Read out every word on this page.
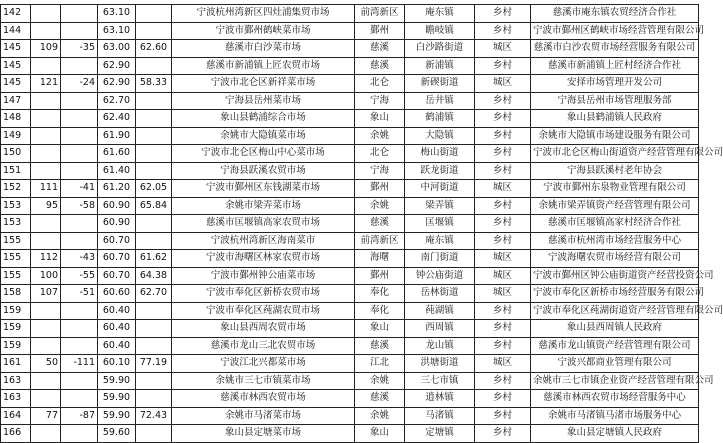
142			63.10		宁波杭州湾新区四灶浦集贸市场	前湾新区	庵东镇	乡村	慈溪市庵东镇农贸经济合作社
144			63.10		宁波市鄞州鹤峡菜市场	鄞州	瞻岐镇	乡村	宁波市鄞州区鹤峡市场经营管理有限公司
145	109	-35	63.00	62.60	慈溪市白沙菜市场	慈溪	白沙路街道	城区	慈溪市白沙农贸市场经营服务有限公司
145			62.90		慈溪市新浦镇上匠农贸市场	慈溪	新浦镇	乡村	慈溪市新浦镇上匠村经济合作社
145	121	-24	62.90	58.33	宁波市北仑区新祥菜市场	北仑	新碶街道	城区	安择市场管理开发公司
147			62.70		宁海县岳州菜市场	宁海	岳井镇	乡村	宁海县岳州市场管理服务部
148			62.40		象山县鹤浦综合市场	象山	鹤浦镇	乡村	象山县鹤浦镇人民政府
149			61.90		余姚市大隐镇菜市场	余姚	大隐镇	乡村	余姚市大隐镇市场建设服务有限公司
150			61.60		宁波市北仑区梅山中心菜市场	北仑	梅山街道	乡村	宁波市北仑区梅山街道资产经营管理有限公司
151			61.40		宁海县跃溪农贸市场	宁海	跃龙街道	乡村	宁海县跃溪村老年协会
152	111	-41	61.20	62.05	宁波市鄞州区东钱湖菜市场	鄞州	中河街道	城区	宁波市鄞州东泉物业管理有限公司
153	95	-58	60.90	65.84	余姚市梁弄菜市场	余姚	梁弄镇	乡村	余姚市梁弄镇资产经营管理有限公司
153			60.90		慈溪市匡堰镇高家农贸市场	慈溪	匡堰镇	乡村	慈溪市匡堰镇高家村经济合作社
155			60.70		宁波杭州湾新区海南菜市	前湾新区	庵东镇	乡村	慈溪市杭州湾市场经营服务中心
155	112	-43	60.70	61.62	宁波市海曙区林家农贸市场	海曙	南门街道	城区	宁波海曙农贸市场经营有限公司
155	100	-55	60.70	64.38	宁波市鄞州钟公庙菜市场	鄞州	钟公庙街道	城区	宁波市鄞州区钟公庙街道资产经营投资公司
158	107	-51	60.60	62.70	宁波市奉化区新桥农贸市场	奉化	岳林街道	城区	宁波市奉化区新桥市场经营服务有限公司
159			60.40		宁波市奉化区莼湖农贸市场	奉化	莼湖镇	乡村	宁波市奉化区莼湖街道资产经营管理有限公司
159			60.40		象山县西周农贸市场	象山	西周镇	乡村	象山县西周镇人民政府
159			60.40		慈溪市龙山三北农贸市场	慈溪	龙山镇	乡村	慈溪市龙山镇资产经营管理有限公司
161	50	-111	60.10	77.19	宁波江北兴都菜市场	江北	洪塘街道	城区	宁波兴都商业管理有限公司
163			59.90		余姚市三七市镇菜市场	余姚	三七市镇	乡村	余姚市三七市镇企业资产经营管理有限公司
163			59.90		慈溪市林西农贸市场	慈溪	逍林镇	乡村	慈溪市林西农贸市场经营服务中心
164	77	-87	59.90	72.43	余姚市马渚菜市场	余姚	马渚镇	乡村	余姚市马渚镇马渚市场服务中心
166			59.60		象山县定塘菜市场	象山	定塘镇	乡村	象山县定塘镇人民政府
